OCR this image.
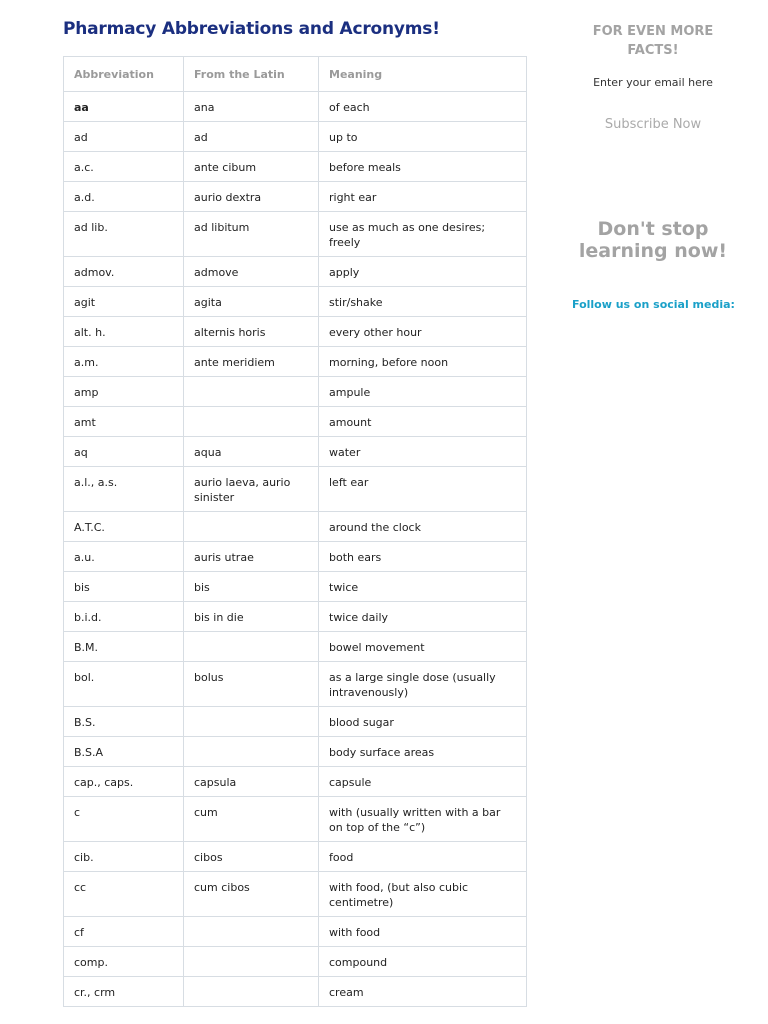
Pharmacy Abbreviations and Acronyms!
Abbreviation	From the Latin	Meaning
aa	ana	of each
ad	ad	up to
a.c.	ante cibum	before meals
a.d.	aurio dextra	right ear
ad lib.	ad libitum	use as much as one desires; freely
admov.	admove	apply
agit	agita	stir/shake
alt. h.	alternis horis	every other hour
a.m.	ante meridiem	morning, before noon
amp		ampule
amt		amount
aq	aqua	water
a.l., a.s.	aurio laeva, aurio sinister	left ear
A.T.C.		around the clock
a.u.	auris utrae	both ears
bis	bis	twice
b.i.d.	bis in die	twice daily
B.M.		bowel movement
bol.	bolus	as a large single dose (usually intravenously)
B.S.		blood sugar
B.S.A		body surface areas
cap., caps.	capsula	capsule
c	cum	with (usually written with a bar on top of the “c”)
cib.	cibos	food
cc	cum cibos	with food, (but also cubic centimetre)
cf		with food
comp.		compound
cr., crm		cream
FOR EVEN MORE FACTS!
Enter your email here
Subscribe Now
Don't stop learning now!
Follow us on social media:
